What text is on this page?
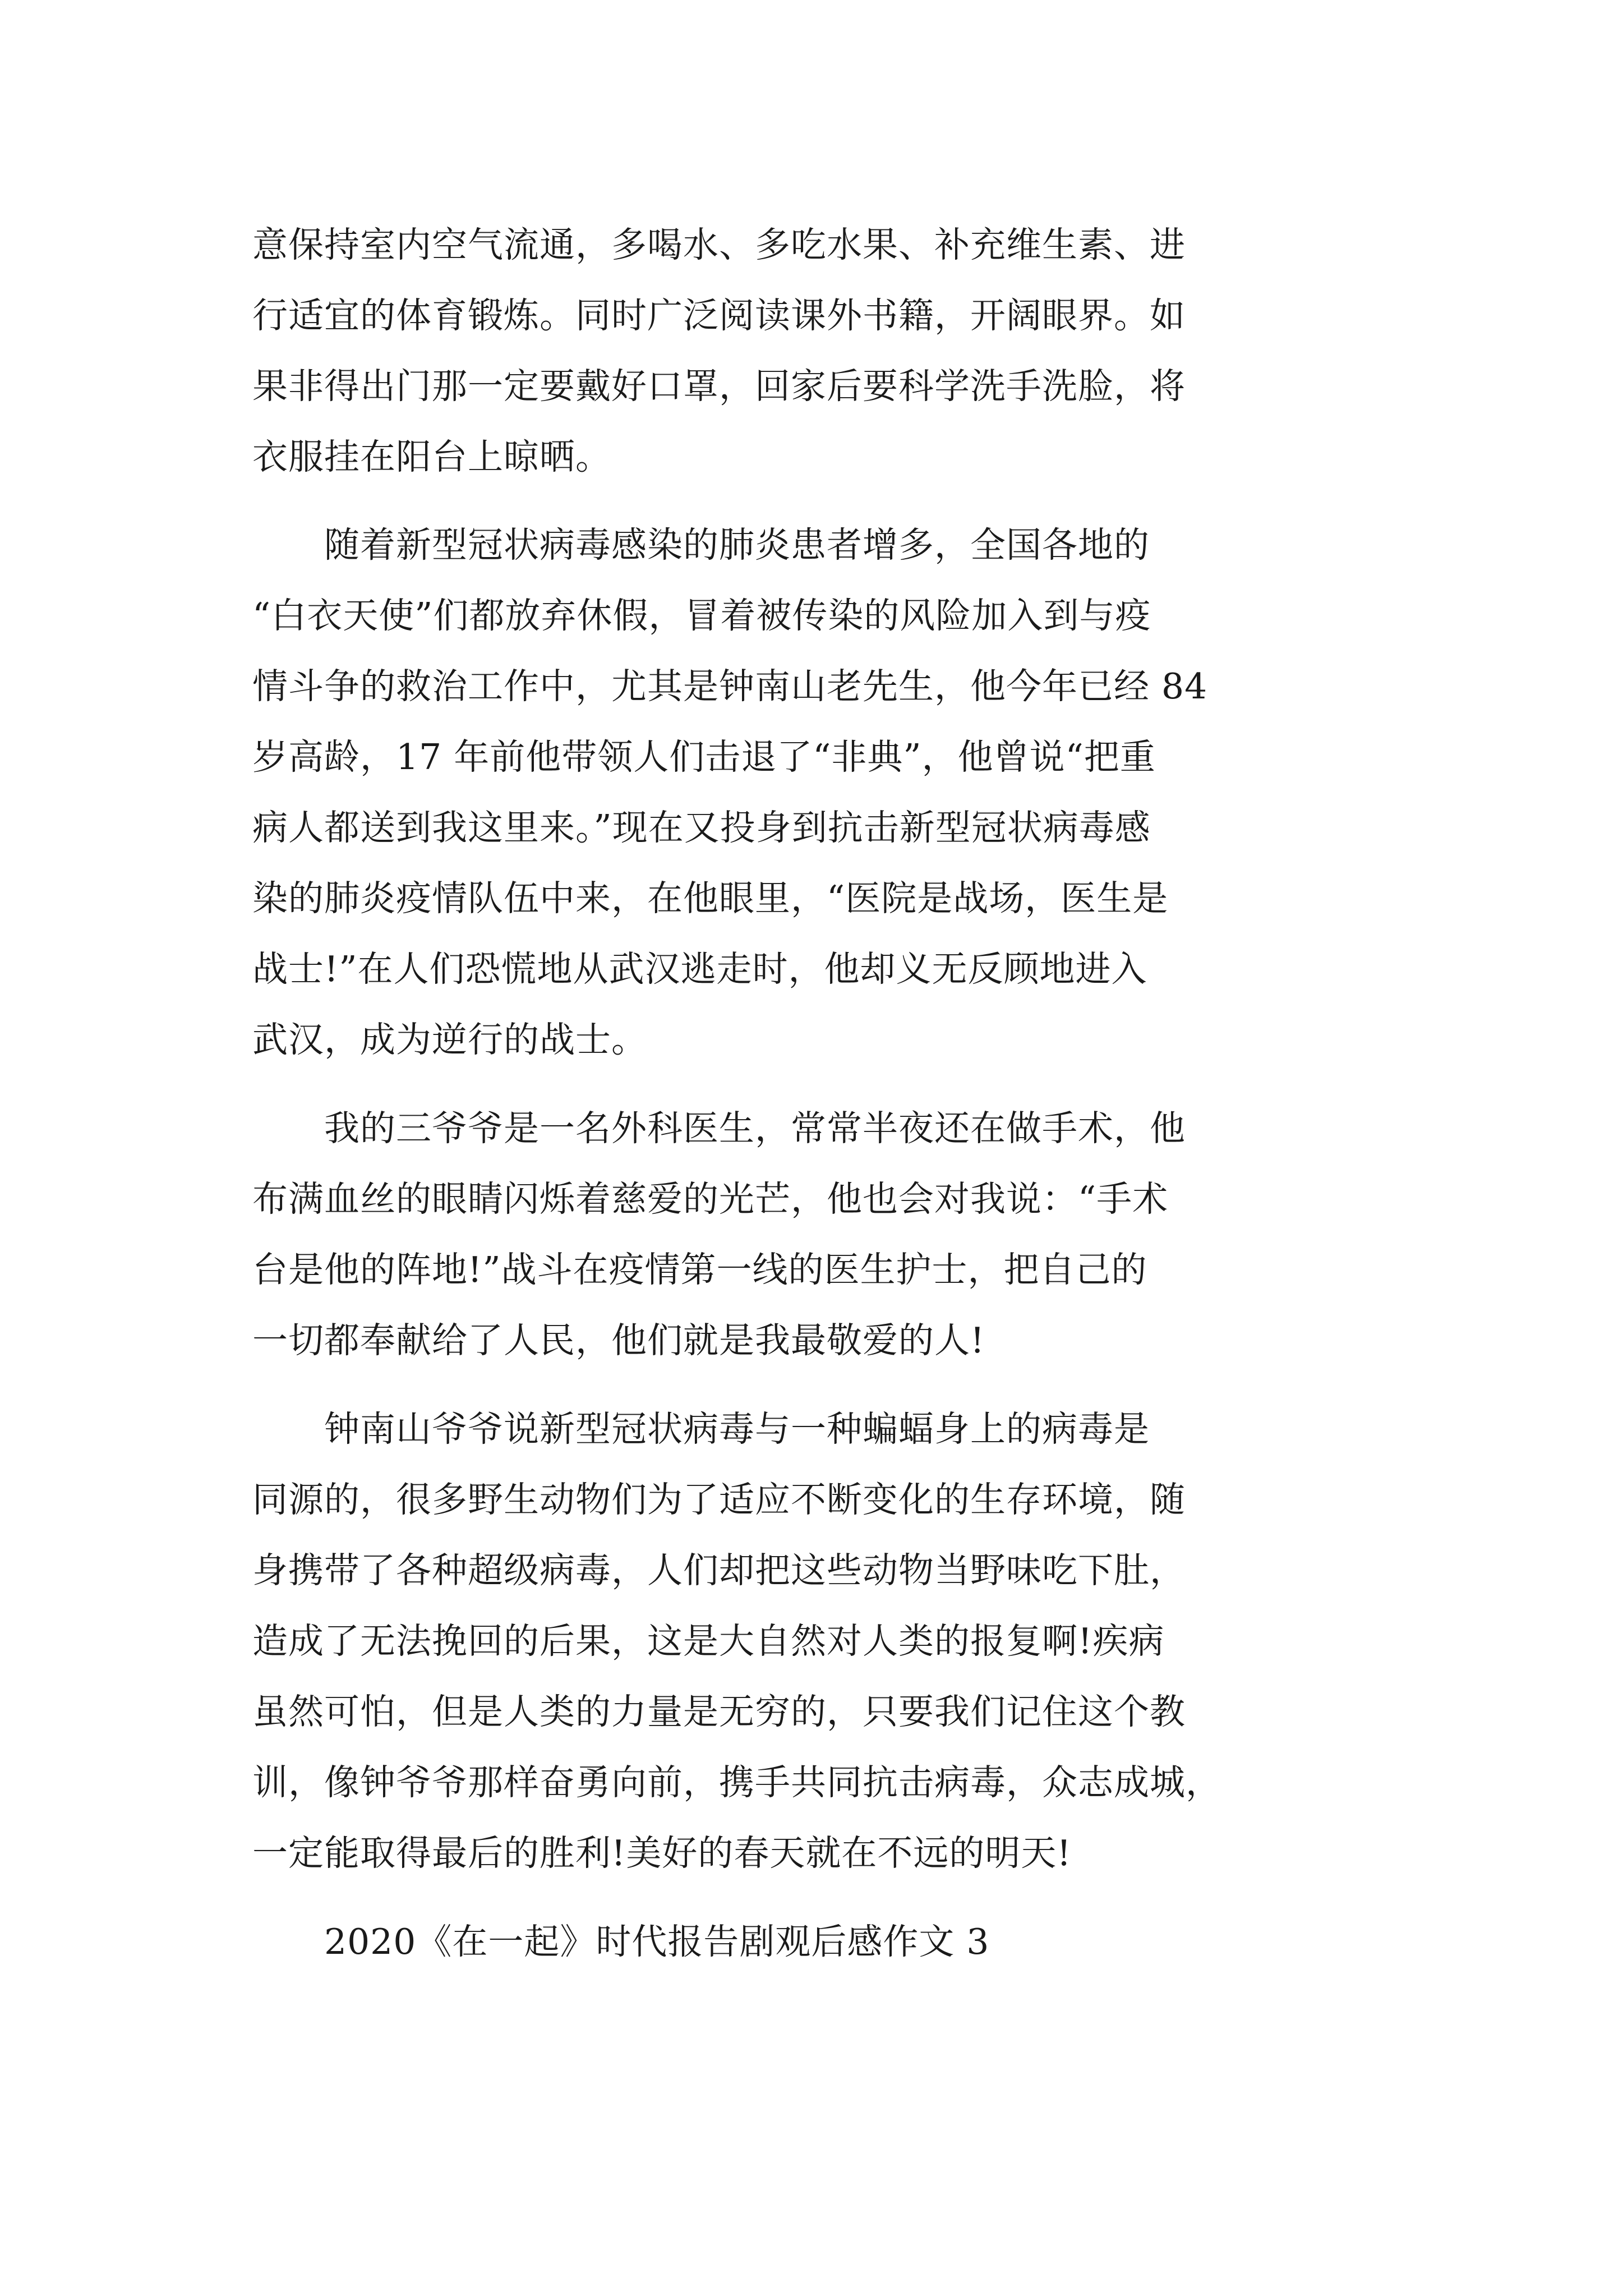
意保持室内空气流通，多喝水、多吃水果、补充维生素、进
行适宜的体育锻炼。同时广泛阅读课外书籍，开阔眼界。如
果非得出门那一定要戴好口罩，回家后要科学洗手洗脸，将
衣服挂在阳台上晾晒。
　　随着新型冠状病毒感染的肺炎患者增多，全国各地的
“白衣天使”们都放弃休假，冒着被传染的风险加入到与疫
情斗争的救治工作中，尤其是钟南山老先生，他今年已经 84
岁高龄，17 年前他带领人们击退了“非典”，他曾说“把重
病人都送到我这里来。”现在又投身到抗击新型冠状病毒感
染的肺炎疫情队伍中来，在他眼里，“医院是战场，医生是
战士!”在人们恐慌地从武汉逃走时，他却义无反顾地进入
武汉，成为逆行的战士。
　　我的三爷爷是一名外科医生，常常半夜还在做手术，他
布满血丝的眼睛闪烁着慈爱的光芒，他也会对我说：“手术
台是他的阵地!”战斗在疫情第一线的医生护士，把自己的
一切都奉献给了人民，他们就是我最敬爱的人!
　　钟南山爷爷说新型冠状病毒与一种蝙蝠身上的病毒是
同源的，很多野生动物们为了适应不断变化的生存环境，随
身携带了各种超级病毒，人们却把这些动物当野味吃下肚，
造成了无法挽回的后果，这是大自然对人类的报复啊!疾病
虽然可怕，但是人类的力量是无穷的，只要我们记住这个教
训，像钟爷爷那样奋勇向前，携手共同抗击病毒，众志成城，
一定能取得最后的胜利!美好的春天就在不远的明天!
　　2020《在一起》时代报告剧观后感作文 3
